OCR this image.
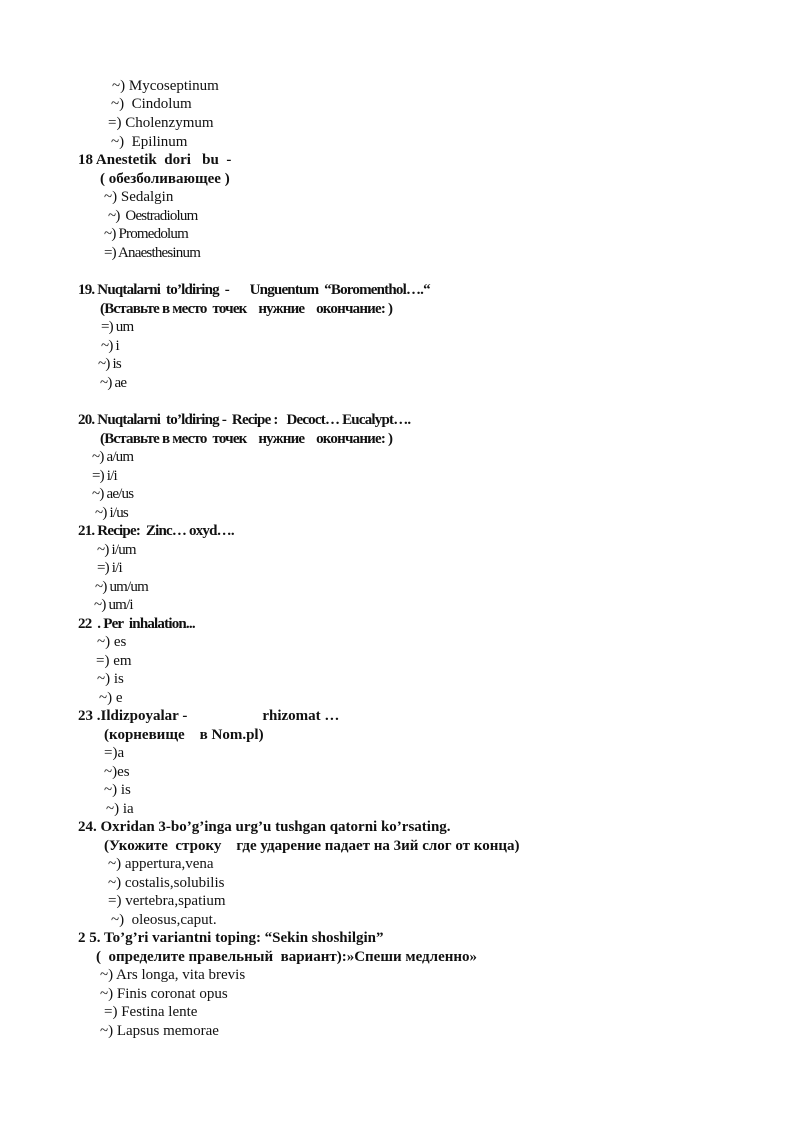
~) Mycoseptinum
~)  Cindolum
=) Cholenzymum
~)  Epilinum
18 Anestetik  dori   bu  -
( обезболивающее )
~) Sedalgin
~)  Oestradiolum
~) Promedolum
=) Anaesthesinum
19. Nuqtalarni  to’ldiring  -       Unguentum  “Boromenthol….“
(Вставьте в место  точек    нужние    окончание: )
=) um
~) i
~) is
~) ae
20. Nuqtalarni  to’ldiring -  Recipe :   Decoct… Eucalypt….
(Вставьте в место  точек    нужние    окончание: )
~) a/um
=) i/i
~) ae/us
~) i/us
21. Recipe:  Zinc… oxyd….
~) i/um
=) i/i
~) um/um
~) um/i
22  . Per  inhalation...
~) es
=) em
~) is
~) e
23 .Ildizpoyalar -                    rhizomat …
(корневище    в Nom.pl)
=)a
~)es
~) is
~) ia
24. Oxridan 3-bo’g’inga urg’u tushgan qatorni ko’rsating.
(Укожите  строку    где ударение падает на 3ий слог от конца)
~) appertura,vena
~) costalis,solubilis
=) vertebra,spatium
~)  oleosus,caput.
2 5. To’g’ri variantni toping: “Sekin shoshilgin”
(  определите правельный  вариант):»Спеши медленно»
~) Ars longa, vita brevis
~) Finis coronat opus
=) Festina lente
~) Lapsus memorae
